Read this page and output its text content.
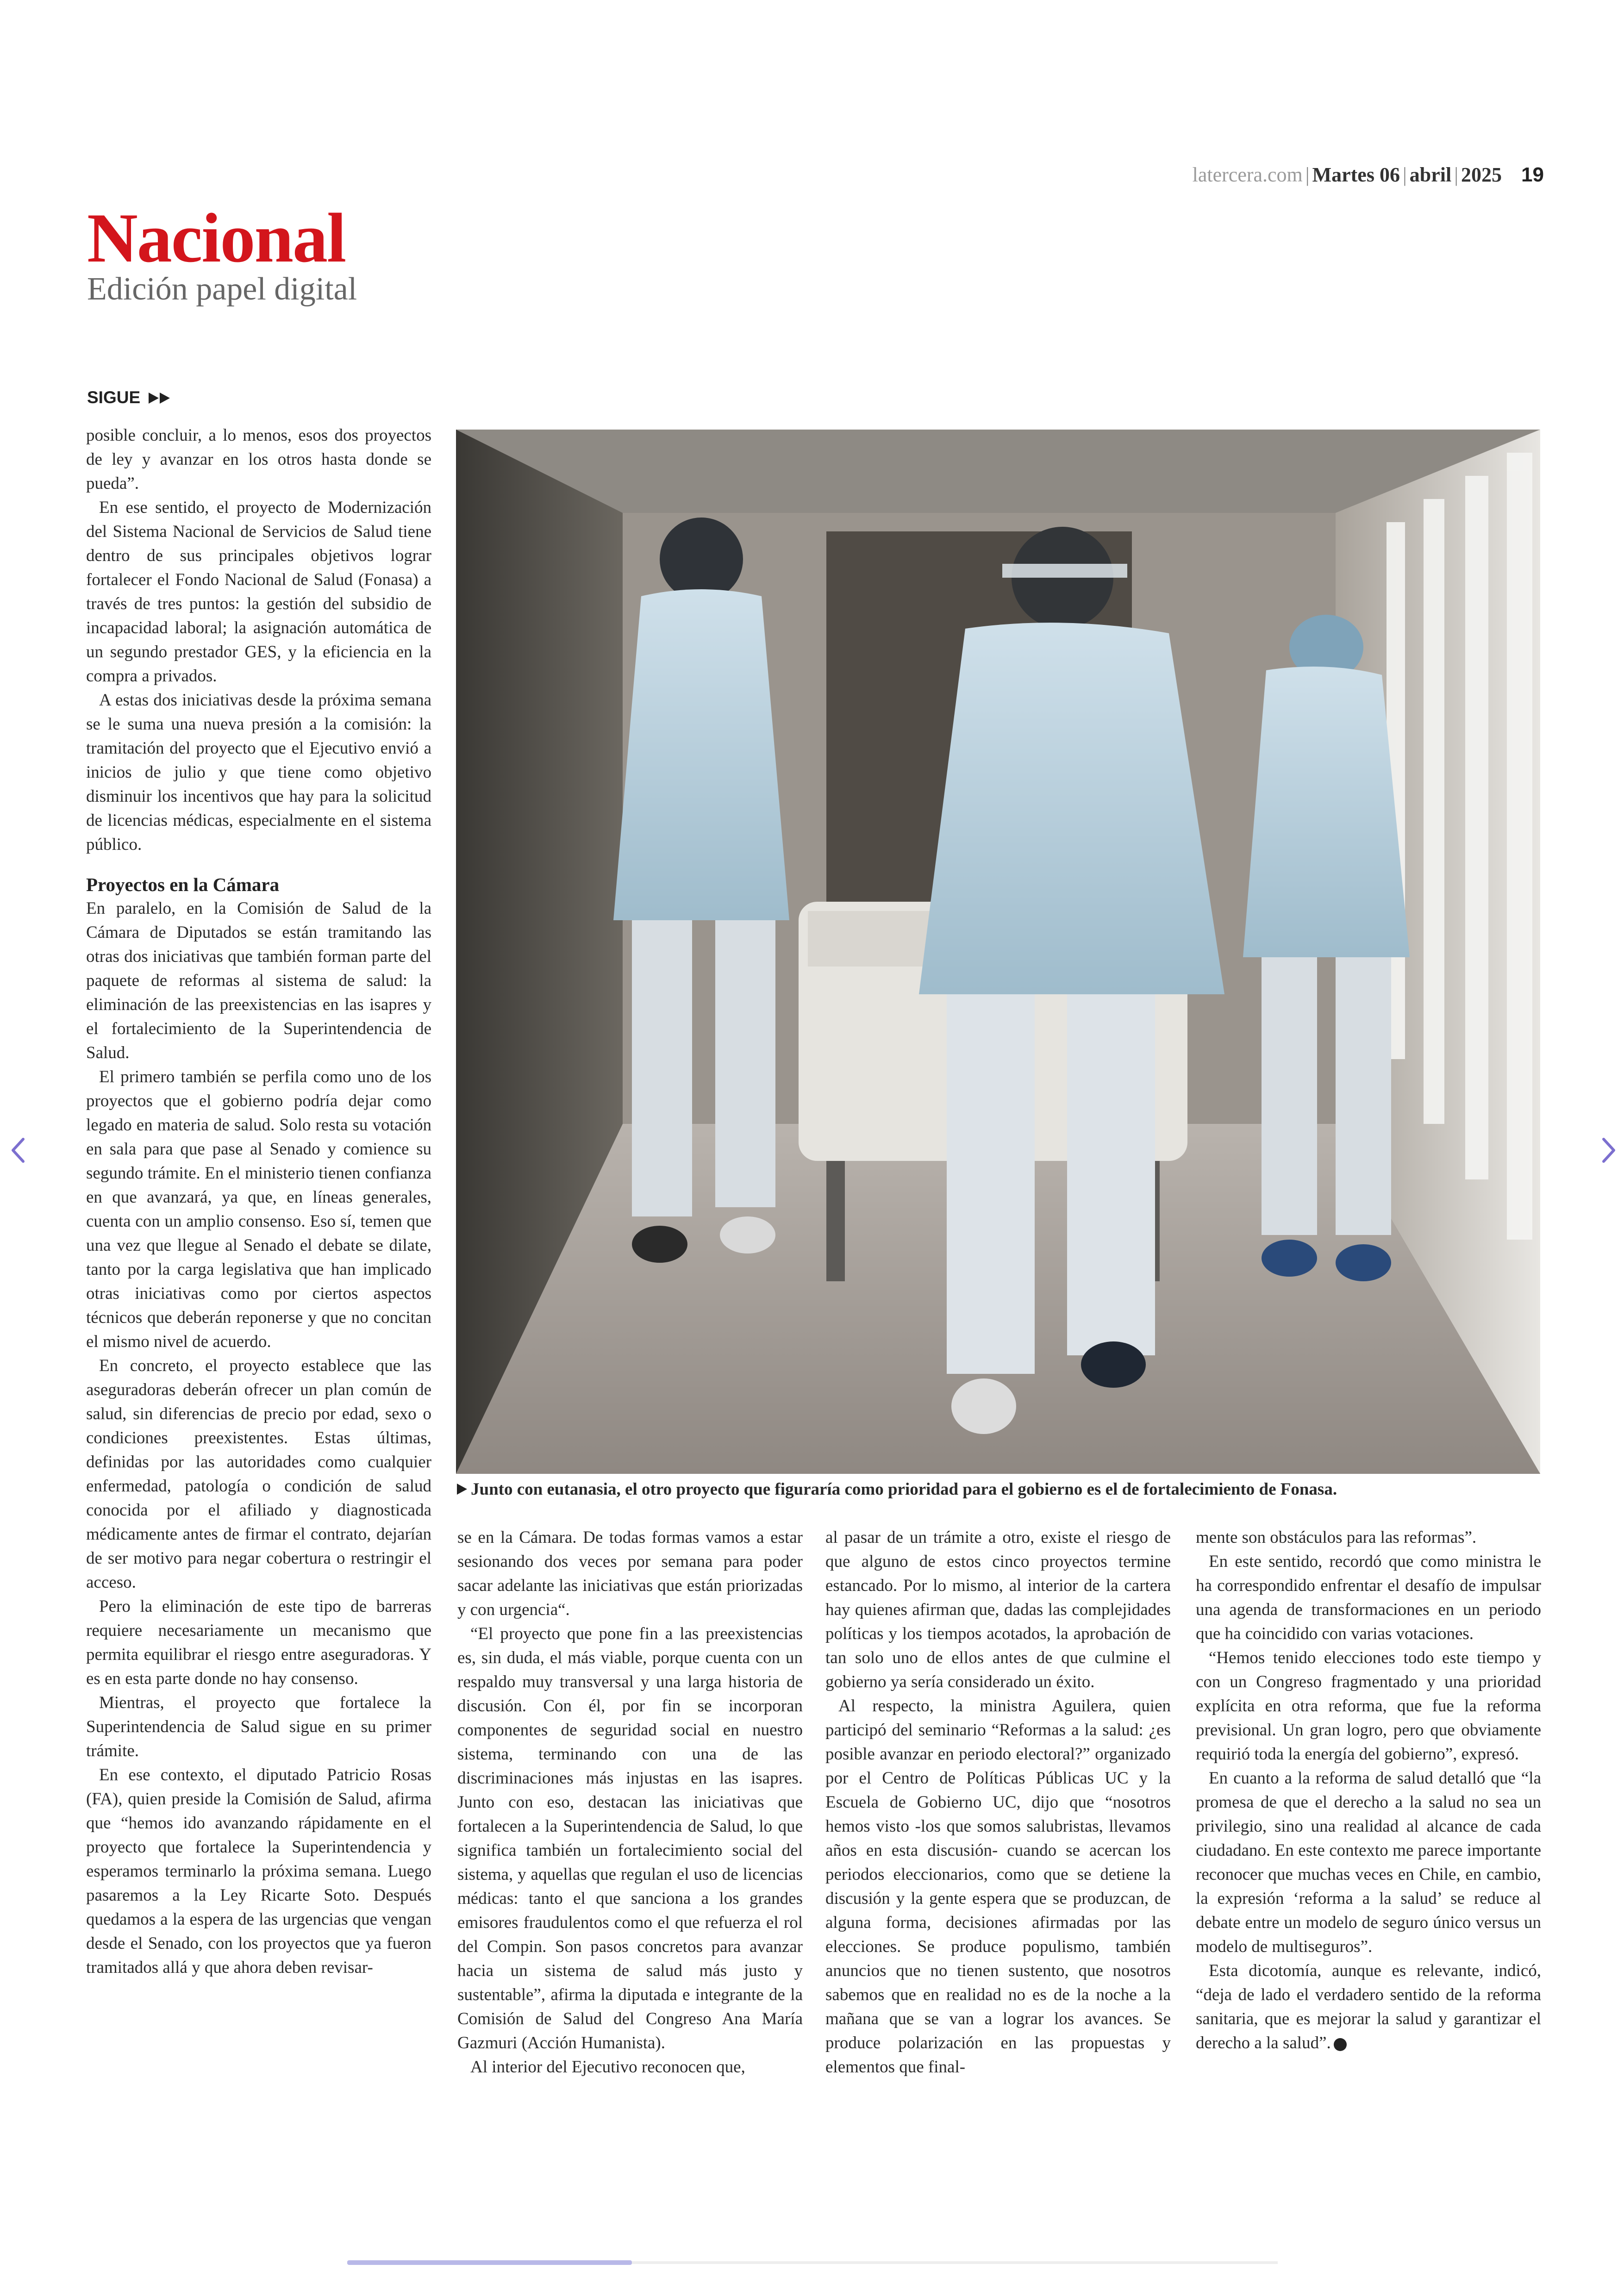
latercera.com | Martes 06 | abril | 2025 19
Nacional
Edición papel digital
SIGUE

posible concluir, a lo menos, esos dos proyectos de ley y avanzar en los otros hasta donde se pueda”.

En ese sentido, el proyecto de Modernización del Sistema Nacional de Servicios de Salud tiene dentro de sus principales objetivos lograr fortalecer el Fondo Nacional de Salud (Fonasa) a través de tres puntos: la gestión del subsidio de incapacidad laboral; la asignación automática de un segundo prestador GES, y la eficiencia en la compra a privados.

A estas dos iniciativas desde la próxima semana se le suma una nueva presión a la comisión: la tramitación del proyecto que el Ejecutivo envió a inicios de julio y que tiene como objetivo disminuir los incentivos que hay para la solicitud de licencias médicas, especialmente en el sistema público.

Proyectos en la Cámara

En paralelo, en la Comisión de Salud de la Cámara de Diputados se están tramitando las otras dos iniciativas que también forman parte del paquete de reformas al sistema de salud: la eliminación de las preexistencias en las isapres y el fortalecimiento de la Superintendencia de Salud.

El primero también se perfila como uno de los proyectos que el gobierno podría dejar como legado en materia de salud. Solo resta su votación en sala para que pase al Senado y comience su segundo trámite. En el ministerio tienen confianza en que avanzará, ya que, en líneas generales, cuenta con un amplio consenso. Eso sí, temen que una vez que llegue al Senado el debate se dilate, tanto por la carga legislativa que han implicado otras iniciativas como por ciertos aspectos técnicos que deberán reponerse y que no concitan el mismo nivel de acuerdo.

En concreto, el proyecto establece que las aseguradoras deberán ofrecer un plan común de salud, sin diferencias de precio por edad, sexo o condiciones preexistentes. Estas últimas, definidas por las autoridades como cualquier enfermedad, patología o condición de salud conocida por el afiliado y diagnosticada médicamente antes de firmar el contrato, dejarían de ser motivo para negar cobertura o restringir el acceso.

Pero la eliminación de este tipo de barreras requiere necesariamente un mecanismo que permita equilibrar el riesgo entre aseguradoras. Y es en esta parte donde no hay consenso.

Mientras, el proyecto que fortalece la Superintendencia de Salud sigue en su primer trámite.

En ese contexto, el diputado Patricio Rosas (FA), quien preside la Comisión de Salud, afirma que “hemos ido avanzando rápidamente en el proyecto que fortalece la Superintendencia y esperamos terminarlo la próxima semana. Luego pasaremos a la Ley Ricarte Soto. Después quedamos a la espera de las urgencias que vengan desde el Senado, con los proyectos que ya fueron tramitados allá y que ahora deben revisar-

Junto con eutanasia, el otro proyecto que figuraría como prioridad para el gobierno es el de fortalecimiento de Fonasa.

se en la Cámara. De todas formas vamos a estar sesionando dos veces por semana para poder sacar adelante las iniciativas que están priorizadas y con urgencia“.

“El proyecto que pone fin a las preexistencias es, sin duda, el más viable, porque cuenta con un respaldo muy transversal y una larga historia de discusión. Con él, por fin se incorporan componentes de seguridad social en nuestro sistema, terminando con una de las discriminaciones más injustas en las isapres. Junto con eso, destacan las iniciativas que fortalecen a la Superintendencia de Salud, lo que significa también un fortalecimiento social del sistema, y aquellas que regulan el uso de licencias médicas: tanto el que sanciona a los grandes emisores fraudulentos como el que refuerza el rol del Compin. Son pasos concretos para avanzar hacia un sistema de salud más justo y sustentable”, afirma la diputada e integrante de la Comisión de Salud del Congreso Ana María Gazmuri (Acción Humanista).

Al interior del Ejecutivo reconocen que,

al pasar de un trámite a otro, existe el riesgo de que alguno de estos cinco proyectos termine estancado. Por lo mismo, al interior de la cartera hay quienes afirman que, dadas las complejidades políticas y los tiempos acotados, la aprobación de tan solo uno de ellos antes de que culmine el gobierno ya sería considerado un éxito.

Al respecto, la ministra Aguilera, quien participó del seminario “Reformas a la salud: ¿es posible avanzar en periodo electoral?” organizado por el Centro de Políticas Públicas UC y la Escuela de Gobierno UC, dijo que “nosotros hemos visto -los que somos salubristas, llevamos años en esta discusión- cuando se acercan los periodos eleccionarios, como que se detiene la discusión y la gente espera que se produzcan, de alguna forma, decisiones afirmadas por las elecciones. Se produce populismo, también anuncios que no tienen sustento, que nosotros sabemos que en realidad no es de la noche a la mañana que se van a lograr los avances. Se produce polarización en las propuestas y elementos que final-

mente son obstáculos para las reformas”.

En este sentido, recordó que como ministra le ha correspondido enfrentar el desafío de impulsar una agenda de transformaciones en un periodo que ha coincidido con varias votaciones.

“Hemos tenido elecciones todo este tiempo y con un Congreso fragmentado y una prioridad explícita en otra reforma, que fue la reforma previsional. Un gran logro, pero que obviamente requirió toda la energía del gobierno”, expresó.

En cuanto a la reforma de salud detalló que “la promesa de que el derecho a la salud no sea un privilegio, sino una realidad al alcance de cada ciudadano. En este contexto me parece importante reconocer que muchas veces en Chile, en cambio, la expresión ‘reforma a la salud’ se reduce al debate entre un modelo de seguro único versus un modelo de multiseguros”.

Esta dicotomía, aunque es relevante, indicó, “deja de lado el verdadero sentido de la reforma sanitaria, que es mejorar la salud y garantizar el derecho a la salud”.
